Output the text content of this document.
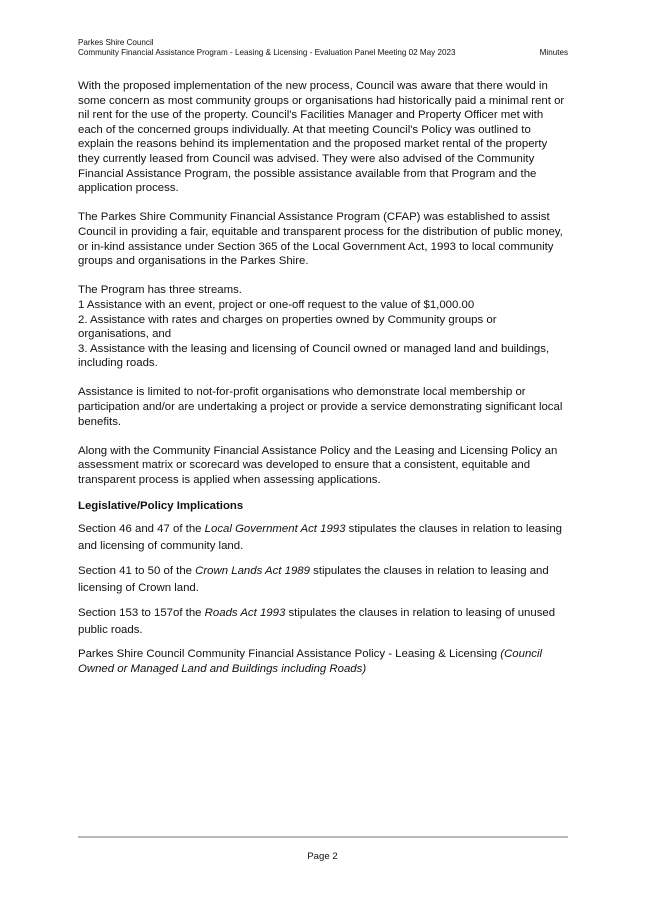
Parkes Shire Council
Community Financial Assistance Program - Leasing & Licensing - Evaluation Panel Meeting 02 May 2023	Minutes

With the proposed implementation of the new process, Council was aware that there would in some concern as most community groups or organisations had historically paid a minimal rent or nil rent for the use of the property. Council's Facilities Manager and Property Officer met with each of the concerned groups individually. At that meeting Council's Policy was outlined to explain the reasons behind its implementation and the proposed market rental of the property they currently leased from Council was advised. They were also advised of the Community Financial Assistance Program, the possible assistance available from that Program and the application process.

The Parkes Shire Community Financial Assistance Program (CFAP) was established to assist Council in providing a fair, equitable and transparent process for the distribution of public money, or in-kind assistance under Section 365 of the Local Government Act, 1993 to local community groups and organisations in the Parkes Shire.

The Program has three streams.

1 Assistance with an event, project or one-off request to the value of $1,000.00

2. Assistance with rates and charges on properties owned by Community groups or organisations, and

3. Assistance with the leasing and licensing of Council owned or managed land and buildings, including roads.

Assistance is limited to not-for-profit organisations who demonstrate local membership or participation and/or are undertaking a project or provide a service demonstrating significant local benefits.

Along with the Community Financial Assistance Policy and the Leasing and Licensing Policy an assessment matrix or scorecard was developed to ensure that a consistent, equitable and transparent process is applied when assessing applications.

Legislative/Policy Implications

Section 46 and 47 of the Local Government Act 1993 stipulates the clauses in relation to leasing and licensing of community land.

Section 41 to 50 of the Crown Lands Act 1989 stipulates the clauses in relation to leasing and licensing of Crown land.

Section 153 to 157of the Roads Act 1993 stipulates the clauses in relation to leasing of unused public roads.

Parkes Shire Council Community Financial Assistance Policy - Leasing & Licensing (Council Owned or Managed Land and Buildings including Roads)

Page 2
